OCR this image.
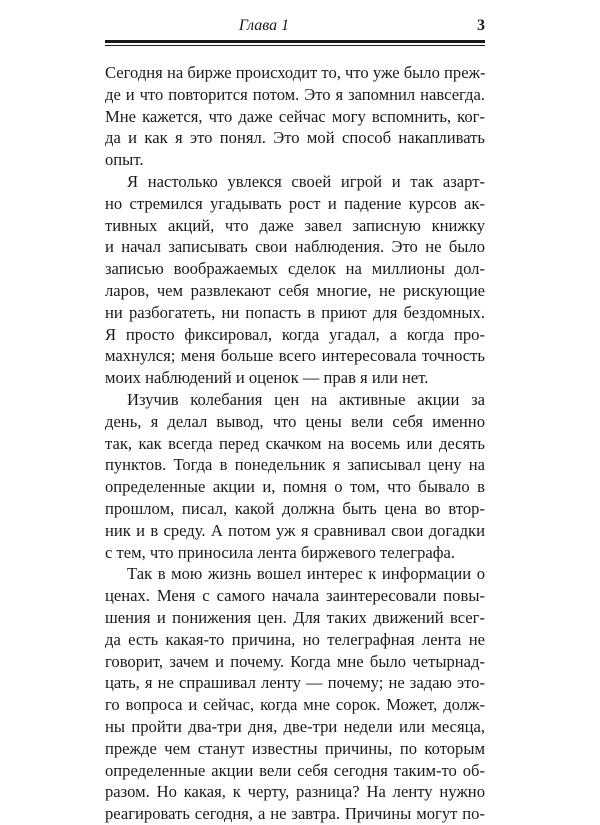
Глава 1	3
Сегодня на бирже происходит то, что уже было преж-
де и что повторится потом. Это я запомнил навсегда.
Мне кажется, что даже сейчас могу вспомнить, ког-
да и как я это понял. Это мой способ накапливать
опыт.
Я настолько увлекся своей игрой и так азарт-
но стремился угадывать рост и падение курсов ак-
тивных акций, что даже завел записную книжку
и начал записывать свои наблюдения. Это не было
записью воображаемых сделок на миллионы дол-
ларов, чем развлекают себя многие, не рискующие
ни разбогатеть, ни попасть в приют для бездомных.
Я просто фиксировал, когда угадал, а когда про-
махнулся; меня больше всего интересовала точность
моих наблюдений и оценок — прав я или нет.
Изучив колебания цен на активные акции за
день, я делал вывод, что цены вели себя именно
так, как всегда перед скачком на восемь или десять
пунктов. Тогда в понедельник я записывал цену на
определенные акции и, помня о том, что бывало в
прошлом, писал, какой должна быть цена во втор-
ник и в среду. А потом уж я сравнивал свои догадки
с тем, что приносила лента биржевого телеграфа.
Так в мою жизнь вошел интерес к информации о
ценах. Меня с самого начала заинтересовали повы-
шения и понижения цен. Для таких движений всег-
да есть какая-то причина, но телеграфная лента не
говорит, зачем и почему. Когда мне было четырнад-
цать, я не спрашивал ленту — почему; не задаю это-
го вопроса и сейчас, когда мне сорок. Может, долж-
ны пройти два-три дня, две-три недели или месяца,
прежде чем станут известны причины, по которым
определенные акции вели себя сегодня таким-то об-
разом. Но какая, к черту, разница? На ленту нужно
реагировать сегодня, а не завтра. Причины могут по-
